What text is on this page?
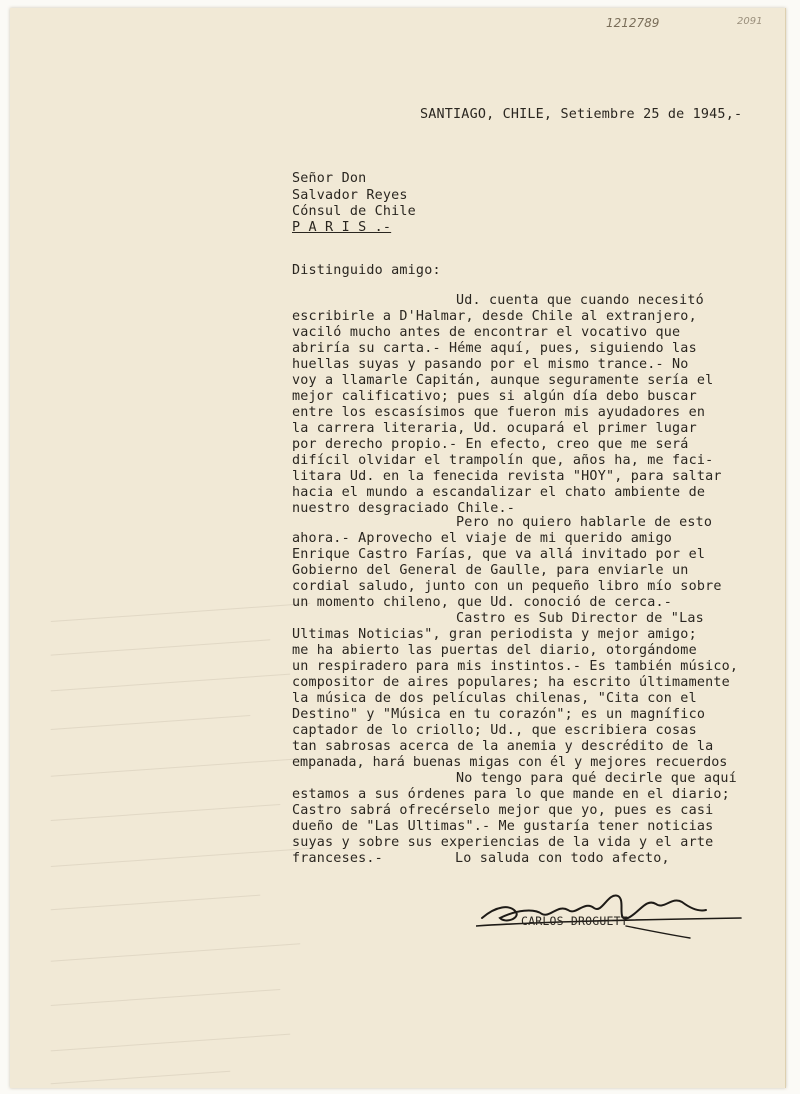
1212789	2091
SANTIAGO, CHILE, Setiembre 25 de 1945,-
Señor Don
Salvador Reyes
Cónsul de Chile
P A R I S .-
Distinguido amigo:
Ud. cuenta que cuando necesitó
escribirle a D'Halmar, desde Chile al extranjero,
vaciló mucho antes de encontrar el vocativo que
abriría su carta.- Héme aquí, pues, siguiendo las
huellas suyas y pasando por el mismo trance.- No
voy a llamarle Capitán, aunque seguramente sería el
mejor calificativo; pues si algún día debo buscar
entre los escasísimos que fueron mis ayudadores en
la carrera literaria, Ud. ocupará el primer lugar
por derecho propio.- En efecto, creo que me será
difícil olvidar el trampolín que, años ha, me faci-
litara Ud. en la fenecida revista "HOY", para saltar
hacia el mundo a escandalizar el chato ambiente de
nuestro desgraciado Chile.-
Pero no quiero hablarle de esto
ahora.- Aprovecho el viaje de mi querido amigo
Enrique Castro Farías, que va allá invitado por el
Gobierno del General de Gaulle, para enviarle un
cordial saludo, junto con un pequeño libro mío sobre
un momento chileno, que Ud. conoció de cerca.-
Castro es Sub Director de "Las
Ultimas Noticias", gran periodista y mejor amigo;
me ha abierto las puertas del diario, otorgándome
un respiradero para mis instintos.- Es también músico,
compositor de aires populares; ha escrito últimamente
la música de dos películas chilenas, "Cita con el
Destino" y "Música en tu corazón"; es un magnífico
captador de lo criollo; Ud., que escribiera cosas
tan sabrosas acerca de la anemia y descrédito de la
empanada, hará buenas migas con él y mejores recuerdos
No tengo para qué decirle que aquí
estamos a sus órdenes para lo que mande en el diario;
Castro sabrá ofrecérselo mejor que yo, pues es casi
dueño de "Las Ultimas".- Me gustaría tener noticias
suyas y sobre sus experiencias de la vida y el arte
franceses.-	Lo saluda con todo afecto,
CARLOS DROGUETT
